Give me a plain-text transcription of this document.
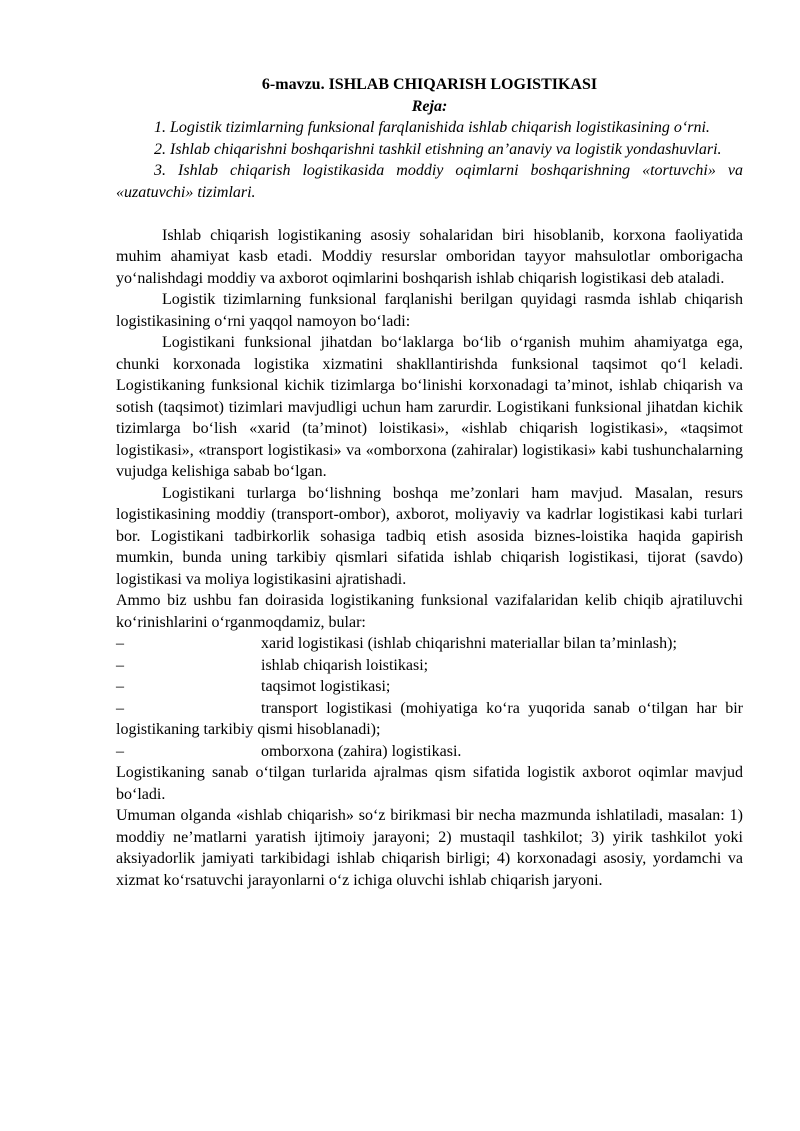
6-mavzu. ISHLAB CHIQARISH LOGISTIKASI

Reja:

1. Logistik tizimlarning funksional farqlanishida ishlab chiqarish logistikasining o‘rni.

2. Ishlab chiqarishni boshqarishni tashkil etishning an’anaviy va logistik yondashuvlari.

3. Ishlab chiqarish logistikasida moddiy oqimlarni boshqarishning «tortuvchi» va «uzatuvchi» tizimlari.

Ishlab chiqarish logistikaning asosiy sohalaridan biri hisoblanib, korxona faoliyatida muhim ahamiyat kasb etadi. Moddiy resurslar omboridan tayyor mahsulotlar omborigacha yo‘nalishdagi moddiy va axborot oqimlarini boshqarish ishlab chiqarish logistikasi deb ataladi.

Logistik tizimlarning funksional farqlanishi berilgan quyidagi rasmda ishlab chiqarish logistikasining o‘rni yaqqol namoyon bo‘ladi:

Logistikani funksional jihatdan bo‘laklarga bo‘lib o‘rganish muhim ahamiyatga ega, chunki korxonada logistika xizmatini shakllantirishda funksional taqsimot qo‘l keladi. Logistikaning funksional kichik tizimlarga bo‘linishi korxonadagi ta’minot, ishlab chiqarish va sotish (taqsimot) tizimlari mavjudligi uchun ham zarurdir. Logistikani funksional jihatdan kichik tizimlarga bo‘lish «xarid (ta’minot) loistikasi», «ishlab chiqarish logistikasi», «taqsimot logistikasi», «transport logistikasi» va «omborxona (zahiralar) logistikasi» kabi tushunchalarning vujudga kelishiga sabab bo‘lgan.

Logistikani turlarga bo‘lishning boshqa me’zonlari ham mavjud. Masalan, resurs logistikasining moddiy (transport-ombor), axborot, moliyaviy va kadrlar logistikasi kabi turlari bor. Logistikani tadbirkorlik sohasiga tadbiq etish asosida biznes-loistika haqida gapirish mumkin, bunda uning tarkibiy qismlari sifatida ishlab chiqarish logistikasi, tijorat (savdo) logistikasi va moliya logistikasini ajratishadi.

Ammo biz ushbu fan doirasida logistikaning funksional vazifalaridan kelib chiqib ajratiluvchi ko‘rinishlarini o‘rganmoqdamiz, bular:

–	xarid logistikasi (ishlab chiqarishni materiallar bilan ta’minlash);
–	ishlab chiqarish loistikasi;
–	taqsimot logistikasi;
–	transport logistikasi (mohiyatiga ko‘ra yuqorida sanab o‘tilgan har bir logistikaning tarkibiy qismi hisoblanadi);
–	omborxona (zahira) logistikasi.

Logistikaning sanab o‘tilgan turlarida ajralmas qism sifatida logistik axborot oqimlar mavjud bo‘ladi.

Umuman olganda «ishlab chiqarish» so‘z birikmasi bir necha mazmunda ishlatiladi, masalan: 1) moddiy ne’matlarni yaratish ijtimoiy jarayoni; 2) mustaqil tashkilot; 3) yirik tashkilot yoki aksiyadorlik jamiyati tarkibidagi ishlab chiqarish birligi; 4) korxonadagi asosiy, yordamchi va xizmat ko‘rsatuvchi jarayonlarni o‘z ichiga oluvchi ishlab chiqarish jaryoni.
